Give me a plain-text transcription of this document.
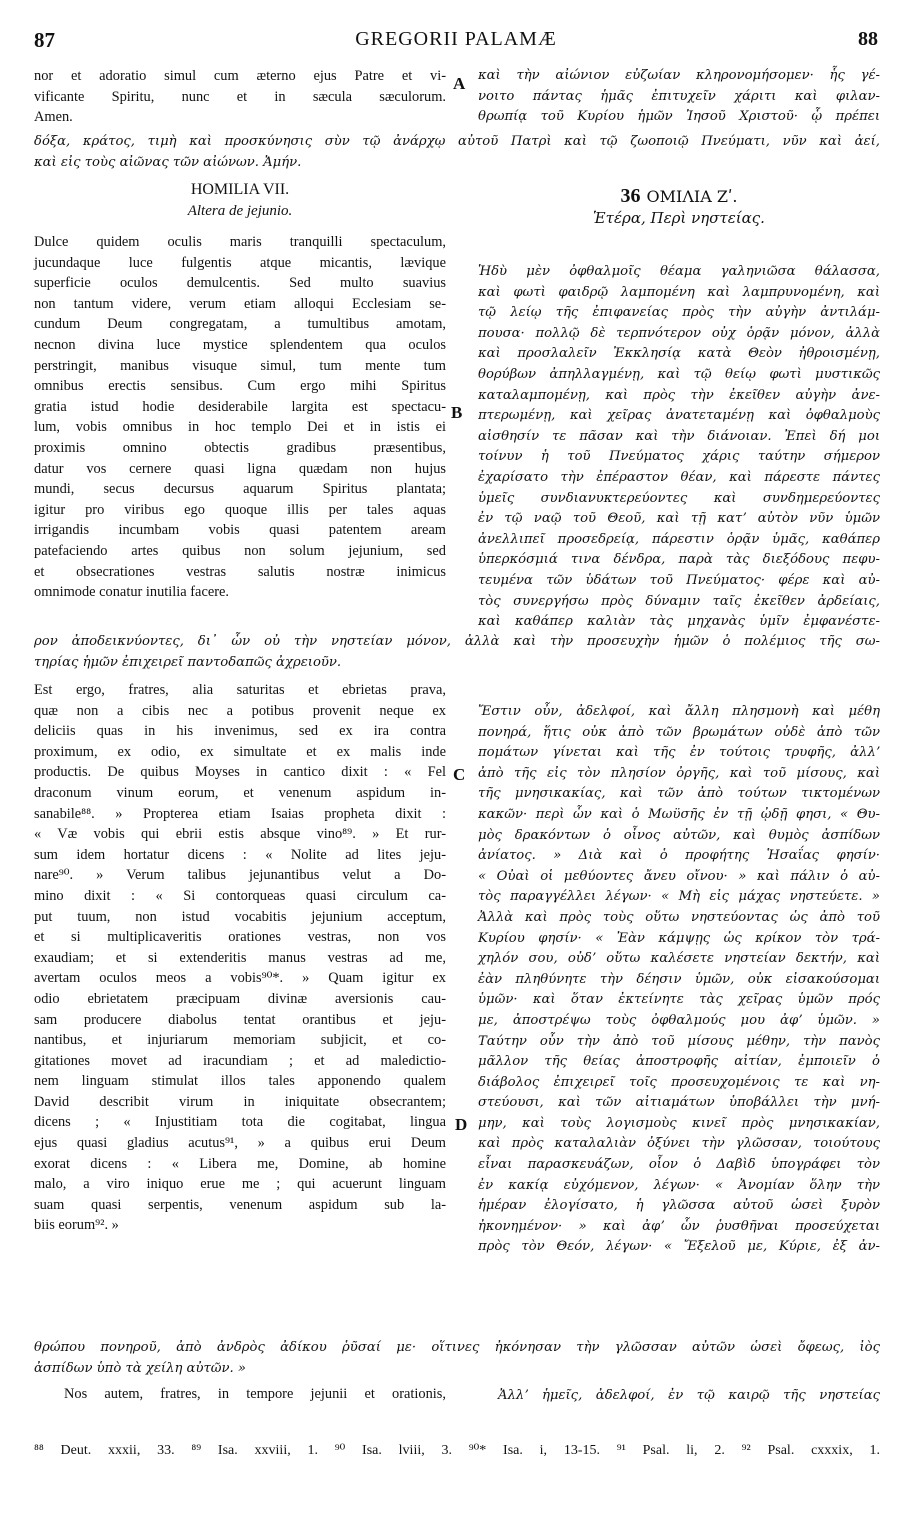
87	GREGORII PALAMÆ	88
A
B
C
D

nor et adoratio simul cum æterno ejus Patre et vi-

vificante Spiritu, nunc et in sæcula sæculorum.

Amen.

καὶ τὴν αἰώνιον εὐζωίαν κληρονομήσομεν· ἧς γέ-

νοιτο πάντας ἡμᾶς ἐπιτυχεῖν χάριτι καὶ φιλαν-

θρωπίᾳ τοῦ Κυρίου ἡμῶν Ἰησοῦ Χριστοῦ· ᾧ πρέπει

δόξα, κράτος, τιμὴ καὶ προσκύνησις σὺν τῷ ἀνάρχῳ αὐτοῦ Πατρὶ καὶ τῷ ζωοποιῷ Πνεύματι, νῦν καὶ ἀεί,

καὶ εἰς τοὺς αἰῶνας τῶν αἰώνων. Ἀμήν.

HOMILIA VII.

Altera de jejunio.

36 ΟΜΙΛΙΑ Ζʹ.

Ἑτέρα, Περὶ νηστείας.

Dulce quidem oculis maris tranquilli spectaculum,

jucundaque luce fulgentis atque micantis, lævique

superficie oculos demulcentis. Sed multo suavius

non tantum videre, verum etiam alloqui Ecclesiam se-

cundum Deum congregatam, a tumultibus amotam,

necnon divina luce mystice splendentem qua oculos

perstringit, manibus visuque simul, tum mente tum

omnibus erectis sensibus. Cum ergo mihi Spiritus

gratia istud hodie desiderabile largita est spectacu-

lum, vobis omnibus in hoc templo Dei et in istis ei

proximis omnino obtectis gradibus præsentibus,

datur vos cernere quasi ligna quædam non hujus

mundi, secus decursus aquarum Spiritus plantata;

igitur pro viribus ego quoque illis per tales aquas

irrigandis incumbam vobis quasi patentem aream

patefaciendo artes quibus non solum jejunium, sed

et obsecrationes vestras salutis nostræ inimicus

omnimode conatur inutilia facere.

Ἡδὺ μὲν ὀφθαλμοῖς θέαμα γαληνιῶσα θάλασσα,

καὶ φωτὶ φαιδρῷ λαμπομένη καὶ λαμπρυνομένη, καὶ

τῷ λείῳ τῆς ἐπιφανείας πρὸς τὴν αὐγὴν ἀντιλάμ-

πουσα· πολλῷ δὲ τερπνότερον οὐχ ὁρᾷν μόνον, ἀλλὰ

καὶ προσλαλεῖν Ἐκκλησίᾳ κατὰ Θεὸν ἠθροισμένῃ,

θορύβων ἀπηλλαγμένῃ, καὶ τῷ θείῳ φωτὶ μυστικῶς

καταλαμπομένῃ, καὶ πρὸς τὴν ἐκεῖθεν αὐγὴν ἀνε-

πτερωμένῃ, καὶ χεῖρας ἀνατεταμένῃ καὶ ὀφθαλμοὺς

αἰσθησίν τε πᾶσαν καὶ τὴν διάνοιαν. Ἐπεὶ δή μοι

τοίνυν ἡ τοῦ Πνεύματος χάρις ταύτην σήμερον

ἐχαρίσατο τὴν ἐπέραστον θέαν, καὶ πάρεστε πάντες

ὑμεῖς συνδιανυκτερεύοντες καὶ συνδημερεύοντες

ἐν τῷ ναῷ τοῦ Θεοῦ, καὶ τῇ κατʼ αὐτὸν νῦν ὑμῶν

ἀνελλιπεῖ προσεδρείᾳ, πάρεστιν ὁρᾷν ὑμᾶς, καθάπερ

ὑπερκόσμιά τινα δένδρα, παρὰ τὰς διεξόδους πεφυ-

τευμένα τῶν ὑδάτων τοῦ Πνεύματος· φέρε καὶ αὐ-

τὸς συνεργήσω πρὸς δύναμιν ταῖς ἐκεῖθεν ἀρδείαις,

καὶ καθάπερ καλιὰν τὰς μηχανὰς ὑμῖν ἐμφανέστε-

ρον ἀποδεικνύοντες, δι᾽ ὧν οὐ τὴν νηστείαν μόνον, ἀλλὰ καὶ τὴν προσευχὴν ἡμῶν ὁ πολέμιος τῆς σω-

τηρίας ἡμῶν ἐπιχειρεῖ παντοδαπῶς ἀχρειοῦν.

Est ergo, fratres, alia saturitas et ebrietas prava,

quæ non a cibis nec a potibus provenit neque ex

deliciis quas in his invenimus, sed ex ira contra

proximum, ex odio, ex simultate et ex malis inde

productis. De quibus Moyses in cantico dixit : « Fel

draconum vinum eorum, et venenum aspidum in-

sanabile⁸⁸. » Propterea etiam Isaias propheta dixit :

« Væ vobis qui ebrii estis absque vino⁸⁹. » Et rur-

sum idem hortatur dicens : « Nolite ad lites jeju-

nare⁹⁰. » Verum talibus jejunantibus velut a Do-

mino dixit : « Si contorqueas quasi circulum ca-

put tuum, non istud vocabitis jejunium acceptum,

et si multiplicaveritis orationes vestras, non vos

exaudiam; et si extenderitis manus vestras ad me,

avertam oculos meos a vobis⁹⁰*. » Quam igitur ex

odio ebrietatem præcipuam divinæ aversionis cau-

sam producere diabolus tentat orantibus et jeju-

nantibus, et injuriarum memoriam subjicit, et co-

gitationes movet ad iracundiam ; et ad maledictio-

nem linguam stimulat illos tales apponendo qualem

David describit virum in iniquitate obsecrantem;

dicens ; « Injustitiam tota die cogitabat, lingua

ejus quasi gladius acutus⁹¹, » a quibus erui Deum

exorat dicens : « Libera me, Domine, ab homine

malo, a viro iniquo erue me ; qui acuerunt linguam

suam quasi serpentis, venenum aspidum sub la-

biis eorum⁹². »

Ἔστιν οὖν, ἀδελφοί, καὶ ἄλλη πλησμονὴ καὶ μέθη

πονηρά, ἥτις οὐκ ἀπὸ τῶν βρωμάτων οὐδὲ ἀπὸ τῶν

πομάτων γίνεται καὶ τῆς ἐν τούτοις τρυφῆς, ἀλλʼ

ἀπὸ τῆς εἰς τὸν πλησίον ὀργῆς, καὶ τοῦ μίσους, καὶ

τῆς μνησικακίας, καὶ τῶν ἀπὸ τούτων τικτομένων

κακῶν· περὶ ὧν καὶ ὁ Μωϋσῆς ἐν τῇ ᾠδῇ φησι, « Θυ-

μὸς δρακόντων ὁ οἶνος αὐτῶν, καὶ θυμὸς ἀσπίδων

ἀνίατος. » Διὰ καὶ ὁ προφήτης Ἡσαΐας φησίν·

« Οὐαὶ οἱ μεθύοντες ἄνευ οἴνου· » καὶ πάλιν ὁ αὐ-

τὸς παραγγέλλει λέγων· « Μὴ εἰς μάχας νηστεύετε. »

Ἀλλὰ καὶ πρὸς τοὺς οὕτω νηστεύοντας ὡς ἀπὸ τοῦ

Κυρίου φησίν· « Ἐὰν κάμψῃς ὡς κρίκον τὸν τρά-

χηλόν σου, οὐδʼ οὕτω καλέσετε νηστείαν δεκτήν, καὶ

ἐὰν πληθύνητε τὴν δέησιν ὑμῶν, οὐκ εἰσακούσομαι

ὑμῶν· καὶ ὅταν ἐκτείνητε τὰς χεῖρας ὑμῶν πρός

με, ἀποστρέψω τοὺς ὀφθαλμούς μου ἀφʼ ὑμῶν. »

Ταύτην οὖν τὴν ἀπὸ τοῦ μίσους μέθην, τὴν πανὸς

μᾶλλον τῆς θείας ἀποστροφῆς αἰτίαν, ἐμποιεῖν ὁ

διάβολος ἐπιχειρεῖ τοῖς προσευχομένοις τε καὶ νη-

στεύουσι, καὶ τῶν αἰτιαμάτων ὑποβάλλει τὴν μνή-

μην, καὶ τοὺς λογισμοὺς κινεῖ πρὸς μνησικακίαν,

καὶ πρὸς καταλαλιὰν ὀξύνει τὴν γλῶσσαν, τοιούτους

εἶναι παρασκευάζων, οἷον ὁ Δαβὶδ ὑπογράφει τὸν

ἐν κακίᾳ εὐχόμενον, λέγων· « Ἀνομίαν ὅλην τὴν

ἡμέραν ἐλογίσατο, ἡ γλῶσσα αὐτοῦ ὡσεὶ ξυρὸν

ἠκονημένον· » καὶ ἀφʼ ὧν ῥυσθῆναι προσεύχεται

πρὸς τὸν Θεόν, λέγων· « Ἔξελοῦ με, Κύριε, ἐξ ἀν-

θρώπου πονηροῦ, ἀπὸ ἀνδρὸς ἀδίκου ῥῦσαί με· οἵτινες ἠκόνησαν τὴν γλῶσσαν αὐτῶν ὡσεὶ ὄφεως, ἰὸς

ἀσπίδων ὑπὸ τὰ χείλη αὐτῶν. »

Nos autem, fratres, in tempore jejunii et orationis,	Ἀλλʼ ἡμεῖς, ἀδελφοί, ἐν τῷ καιρῷ τῆς νηστείας

⁸⁸ Deut. xxxii, 33. ⁸⁹ Isa. xxviii, 1. ⁹⁰ Isa. lviii, 3. ⁹⁰* Isa. i, 13-15. ⁹¹ Psal. li, 2. ⁹² Psal. cxxxix, 1.
